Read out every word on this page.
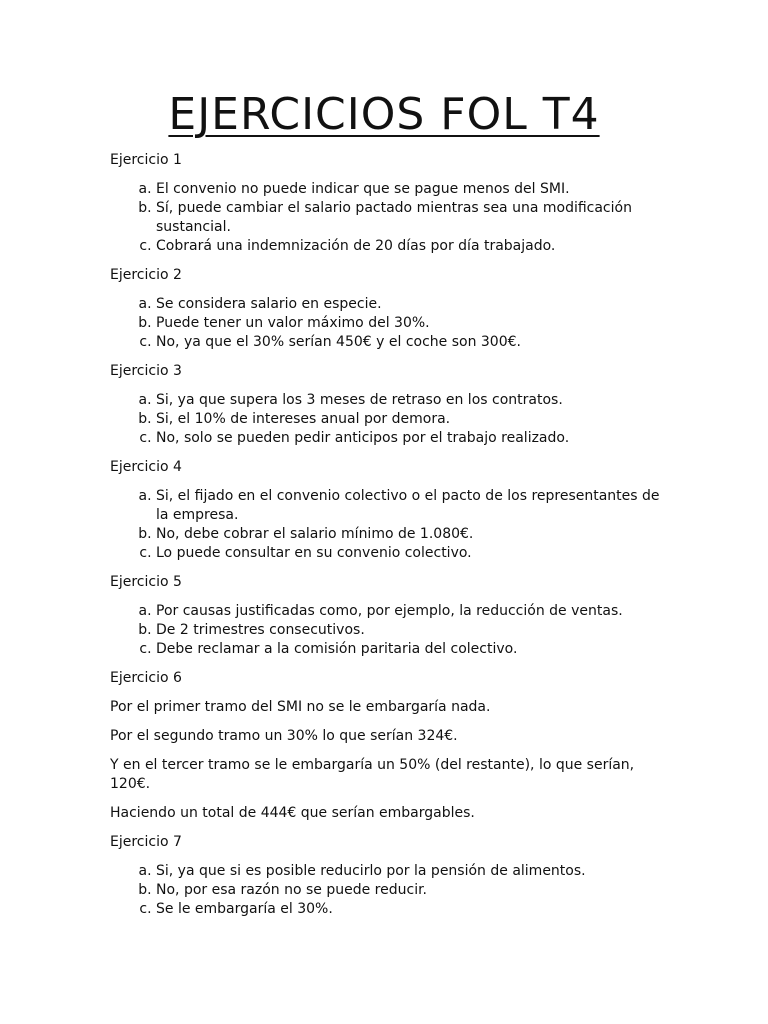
EJERCICIOS FOL T4

Ejercicio 1

a. El convenio no puede indicar que se pague menos del SMI.
b. Sí, puede cambiar el salario pactado mientras sea una modificación sustancial.
c. Cobrará una indemnización de 20 días por día trabajado.

Ejercicio 2

a. Se considera salario en especie.
b. Puede tener un valor máximo del 30%.
c. No, ya que el 30% serían 450€ y el coche son 300€.

Ejercicio 3

a. Si, ya que supera los 3 meses de retraso en los contratos.
b. Si, el 10% de intereses anual por demora.
c. No, solo se pueden pedir anticipos por el trabajo realizado.

Ejercicio 4

a. Si, el fijado en el convenio colectivo o el pacto de los representantes de la empresa.
b. No, debe cobrar el salario mínimo de 1.080€.
c. Lo puede consultar en su convenio colectivo.

Ejercicio 5

a. Por causas justificadas como, por ejemplo, la reducción de ventas.
b. De 2 trimestres consecutivos.
c. Debe reclamar a la comisión paritaria del colectivo.

Ejercicio 6

Por el primer tramo del SMI no se le embargaría nada.

Por el segundo tramo un 30% lo que serían 324€.

Y en el tercer tramo se le embargaría un 50% (del restante), lo que serían, 120€.

Haciendo un total de 444€ que serían embargables.

Ejercicio 7

a. Si, ya que si es posible reducirlo por la pensión de alimentos.
b. No, por esa razón no se puede reducir.
c. Se le embargaría el 30%.
